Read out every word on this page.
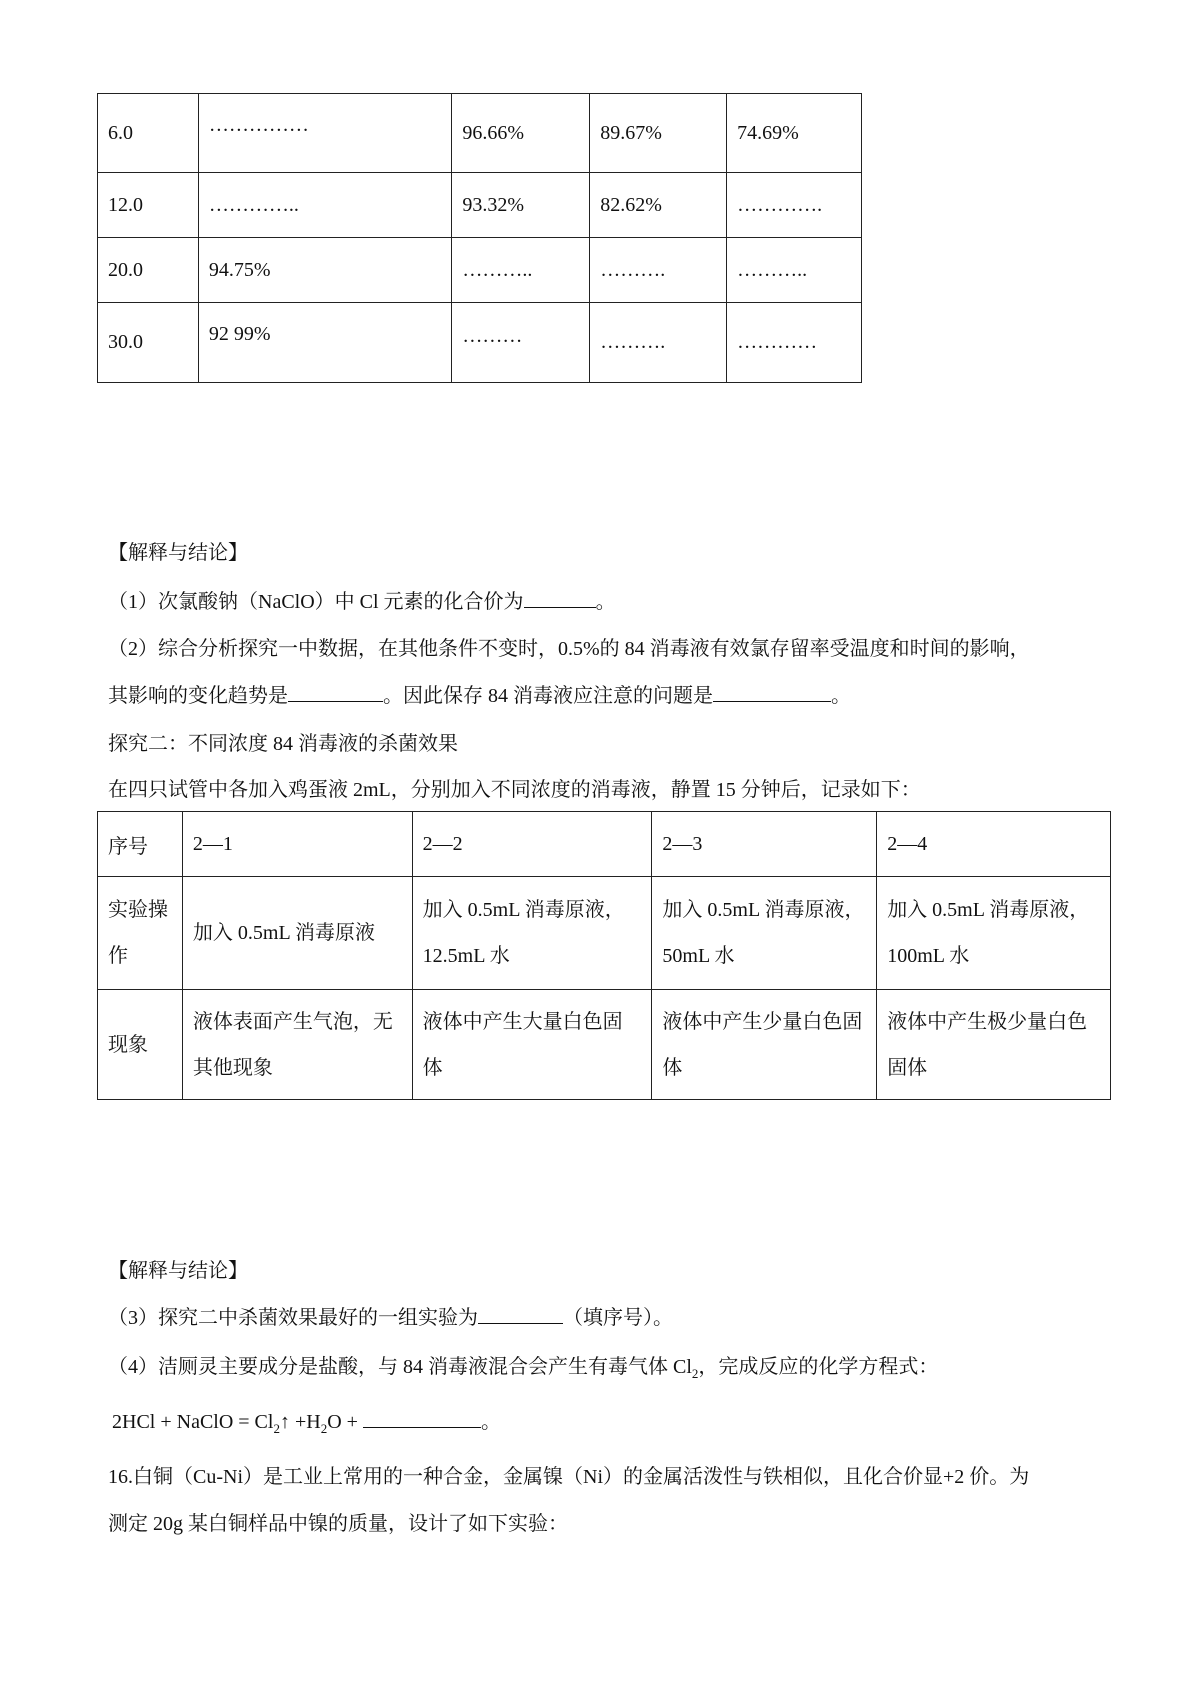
6.0	……………	96.66%	89.67%	74.69%
12.0	…………..	93.32%	82.62%	………….
20.0	94.75%	………..	……….	………..
30.0	92 99%	………	……….	…………
【解释与结论】
（1）次氯酸钠（NaClO）中 Cl 元素的化合价为	。
（2）综合分析探究一中数据，在其他条件不变时，0.5%的 84 消毒液有效氯存留率受温度和时间的影响，
其影响的变化趋势是	。因此保存 84 消毒液应注意的问题是	。
探究二：不同浓度 84 消毒液的杀菌效果
在四只试管中各加入鸡蛋液 2mL，分别加入不同浓度的消毒液，静置 15 分钟后，记录如下：
序号	2—1	2—2	2—3	2—4
实验操作	加入 0.5mL 消毒原液	加入 0.5mL 消毒原液，12.5mL 水	加入 0.5mL 消毒原液，50mL 水	加入 0.5mL 消毒原液，100mL 水
现象	液体表面产生气泡，无其他现象	液体中产生大量白色固体	液体中产生少量白色固体	液体中产生极少量白色固体
【解释与结论】
（3）探究二中杀菌效果最好的一组实验为	（填序号）。
（4）洁厕灵主要成分是盐酸，与 84 消毒液混合会产生有毒气体 $Cl_2$，完成反应的化学方程式：
2HCl + NaClO = $Cl_2↑ +H_2O$ +	。
16.白铜（Cu-Ni）是工业上常用的一种合金，金属镍（Ni）的金属活泼性与铁相似，且化合价显+2 价。为
测定 20g 某白铜样品中镍的质量，设计了如下实验：
